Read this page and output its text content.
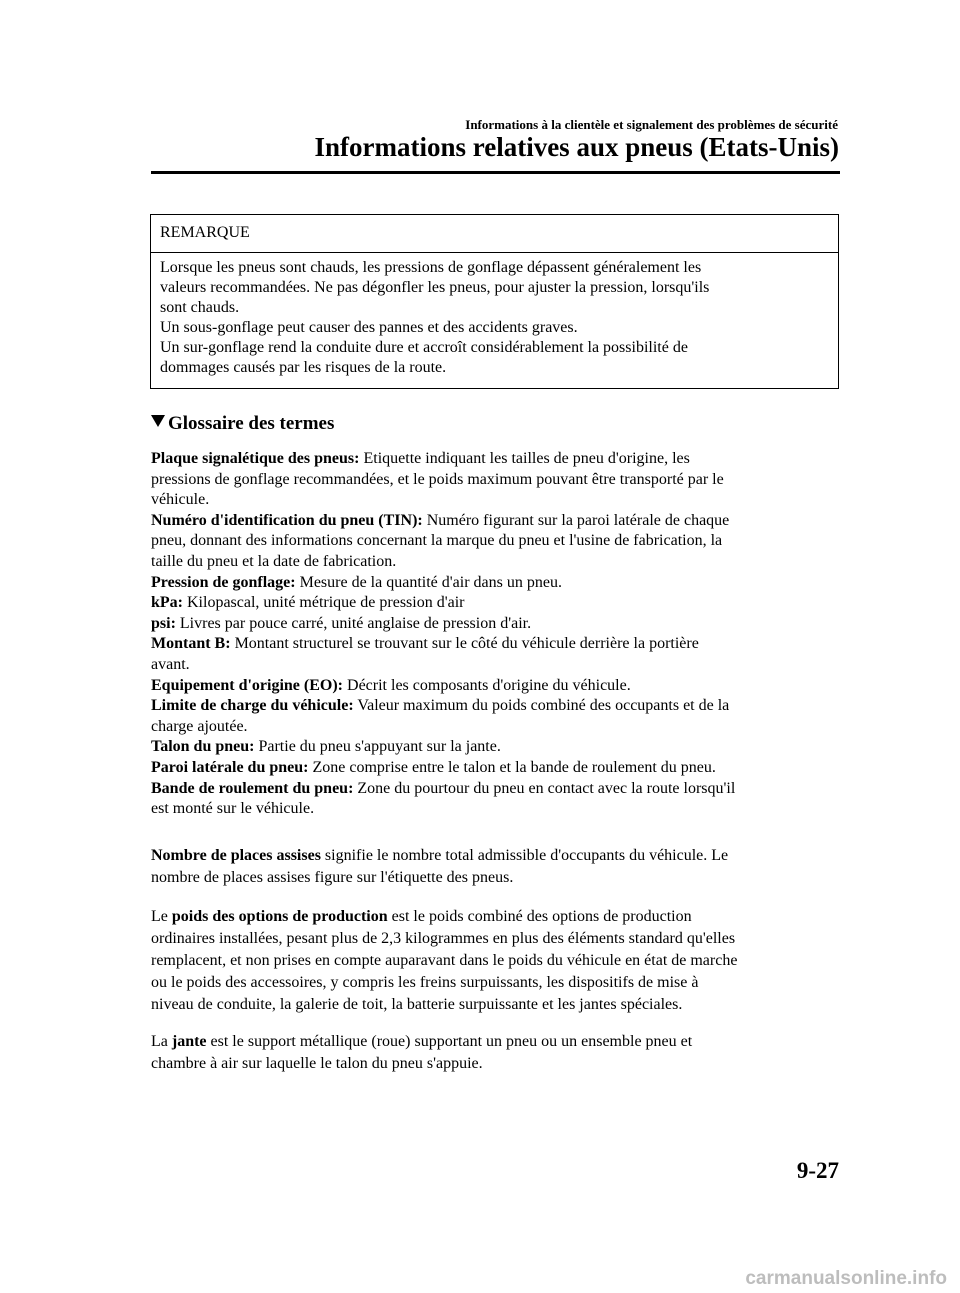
Informations à la clientèle et signalement des problèmes de sécurité
Informations relatives aux pneus (Etats-Unis)
REMARQUE
Lorsque les pneus sont chauds, les pressions de gonflage dépassent généralement les
valeurs recommandées. Ne pas dégonfler les pneus, pour ajuster la pression, lorsqu'ils
sont chauds.
Un sous-gonflage peut causer des pannes et des accidents graves.
Un sur-gonflage rend la conduite dure et accroît considérablement la possibilité de
dommages causés par les risques de la route.
Glossaire des termes
Plaque signalétique des pneus: Etiquette indiquant les tailles de pneu d'origine, les
pressions de gonflage recommandées, et le poids maximum pouvant être transporté par le
véhicule.
Numéro d'identification du pneu (TIN): Numéro figurant sur la paroi latérale de chaque
pneu, donnant des informations concernant la marque du pneu et l'usine de fabrication, la
taille du pneu et la date de fabrication.
Pression de gonflage: Mesure de la quantité d'air dans un pneu.
kPa: Kilopascal, unité métrique de pression d'air
psi: Livres par pouce carré, unité anglaise de pression d'air.
Montant B: Montant structurel se trouvant sur le côté du véhicule derrière la portière
avant.
Equipement d'origine (EO): Décrit les composants d'origine du véhicule.
Limite de charge du véhicule: Valeur maximum du poids combiné des occupants et de la
charge ajoutée.
Talon du pneu: Partie du pneu s'appuyant sur la jante.
Paroi latérale du pneu: Zone comprise entre le talon et la bande de roulement du pneu.
Bande de roulement du pneu: Zone du pourtour du pneu en contact avec la route lorsqu'il
est monté sur le véhicule.
Nombre de places assises signifie le nombre total admissible d'occupants du véhicule. Le
nombre de places assises figure sur l'étiquette des pneus.
Le poids des options de production est le poids combiné des options de production
ordinaires installées, pesant plus de 2,3 kilogrammes en plus des éléments standard qu'elles
remplacent, et non prises en compte auparavant dans le poids du véhicule en état de marche
ou le poids des accessoires, y compris les freins surpuissants, les dispositifs de mise à
niveau de conduite, la galerie de toit, la batterie surpuissante et les jantes spéciales.
La jante est le support métallique (roue) supportant un pneu ou un ensemble pneu et
chambre à air sur laquelle le talon du pneu s'appuie.
9-27
carmanualsonline.info
